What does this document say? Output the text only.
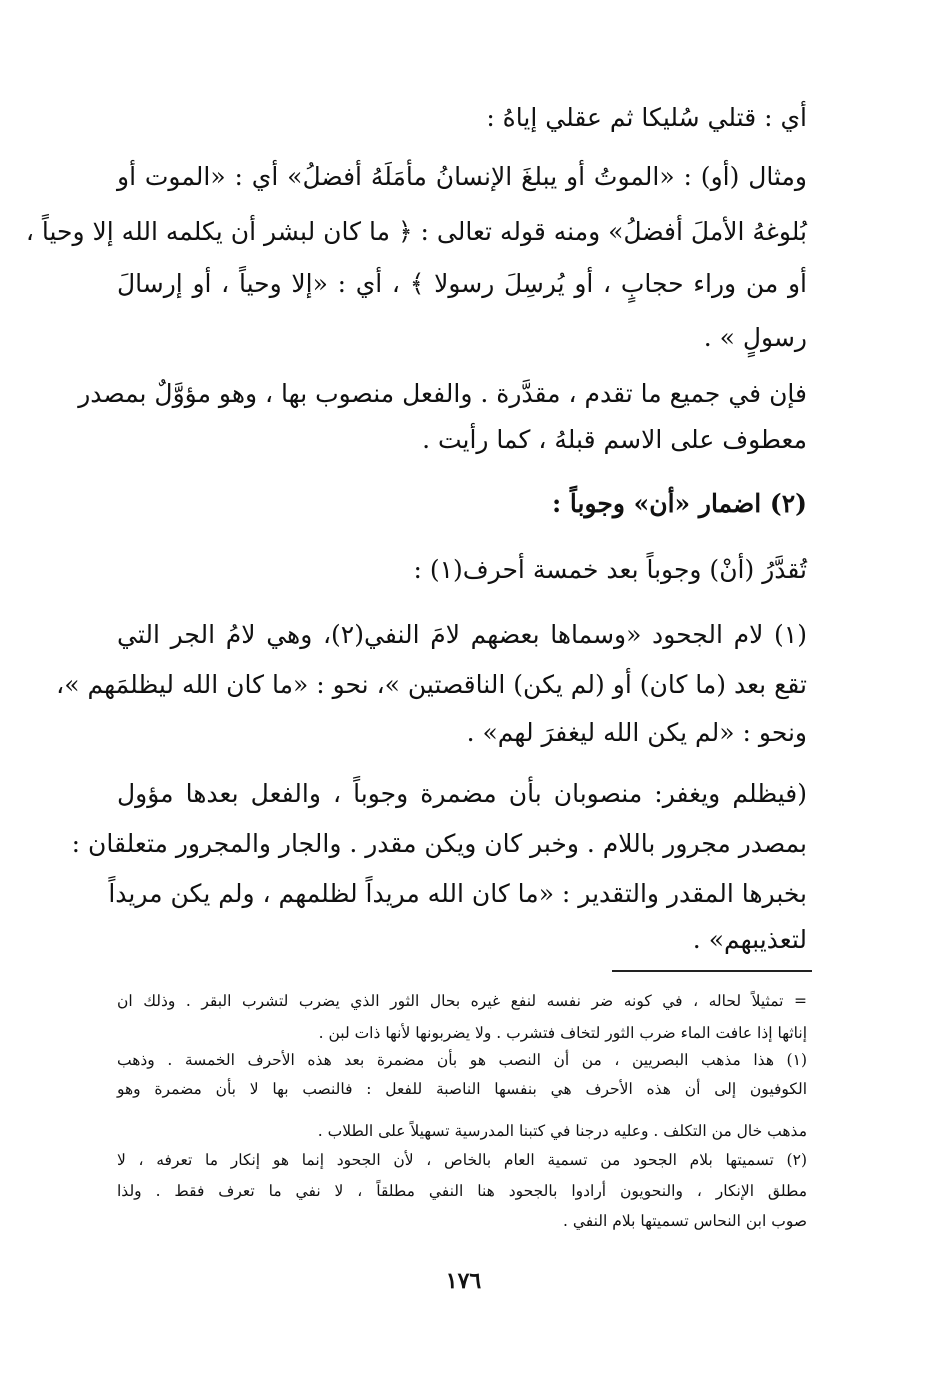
أي : قتلي سُليكا ثم عقلي إياهُ :
ومثال (أو) : «الموتُ أو يبلغَ الإنسانُ مأمَلَهُ أفضلُ» أي : «الموت أو
بُلوغهُ الأملَ أفضلُ» ومنه قوله تعالى : ﴿ ما كان لبشر أن يكلمه الله إلا وحياً ،
أو من وراء حجابٍ ، أو يُرسِلَ رسولا ﴾ ، أي : «إلا وحياً ، أو إرسالَ
رسولٍ » .
فإن في جميع ما تقدم ، مقدَّرة . والفعل منصوب بها ، وهو مؤوَّلٌ بمصدر
معطوف على الاسم قبلهُ ، كما رأيت .
(٢) اضمار «أن» وجوباً :
تُقدَّرُ (أنْ) وجوباً بعد خمسة أحرف(١) :
(١) لام الجحود «وسماها بعضهم لامَ النفي(٢)، وهي لامُ الجر التي
تقع بعد (ما كان) أو (لم يكن) الناقصتين »، نحو : «ما كان الله ليظلمَهم »،
ونحو : «لم يكن الله ليغفرَ لهم» .
(فيظلم ويغفر: منصوبان بأن مضمرة وجوباً ، والفعل بعدها مؤول
بمصدر مجرور باللام . وخبر كان ويكن مقدر . والجار والمجرور متعلقان :
بخبرها المقدر والتقدير : «ما كان الله مريداً لظلمهم ، ولم يكن مريداً
لتعذيبهم» .
= تمثيلاً لحاله ، في كونه ضر نفسه لنفع غيره بحال الثور الذي يضرب لتشرب البقر . وذلك ان
إناثها إذا عافت الماء ضرب الثور لتخاف فتشرب . ولا يضربونها لأنها ذات لبن .
(١) هذا مذهب البصريين ، من أن النصب هو بأن مضمرة بعد هذه الأحرف الخمسة . وذهب
الكوفيون إلى أن هذه الأحرف هي بنفسها الناصبة للفعل : فالنصب بها لا بأن مضمرة وهو
مذهب خال من التكلف . وعليه درجنا في كتبنا المدرسية تسهيلاً على الطلاب .
(٢) تسميتها بلام الجحود من تسمية العام بالخاص ، لأن الجحود إنما هو إنكار ما تعرفه ، لا
مطلق الإنكار ، والنحويون أرادوا بالجحود هنا النفي مطلقاً ، لا نفي ما تعرف فقط . ولذا
صوب ابن النحاس تسميتها بلام النفي .
١٧٦
